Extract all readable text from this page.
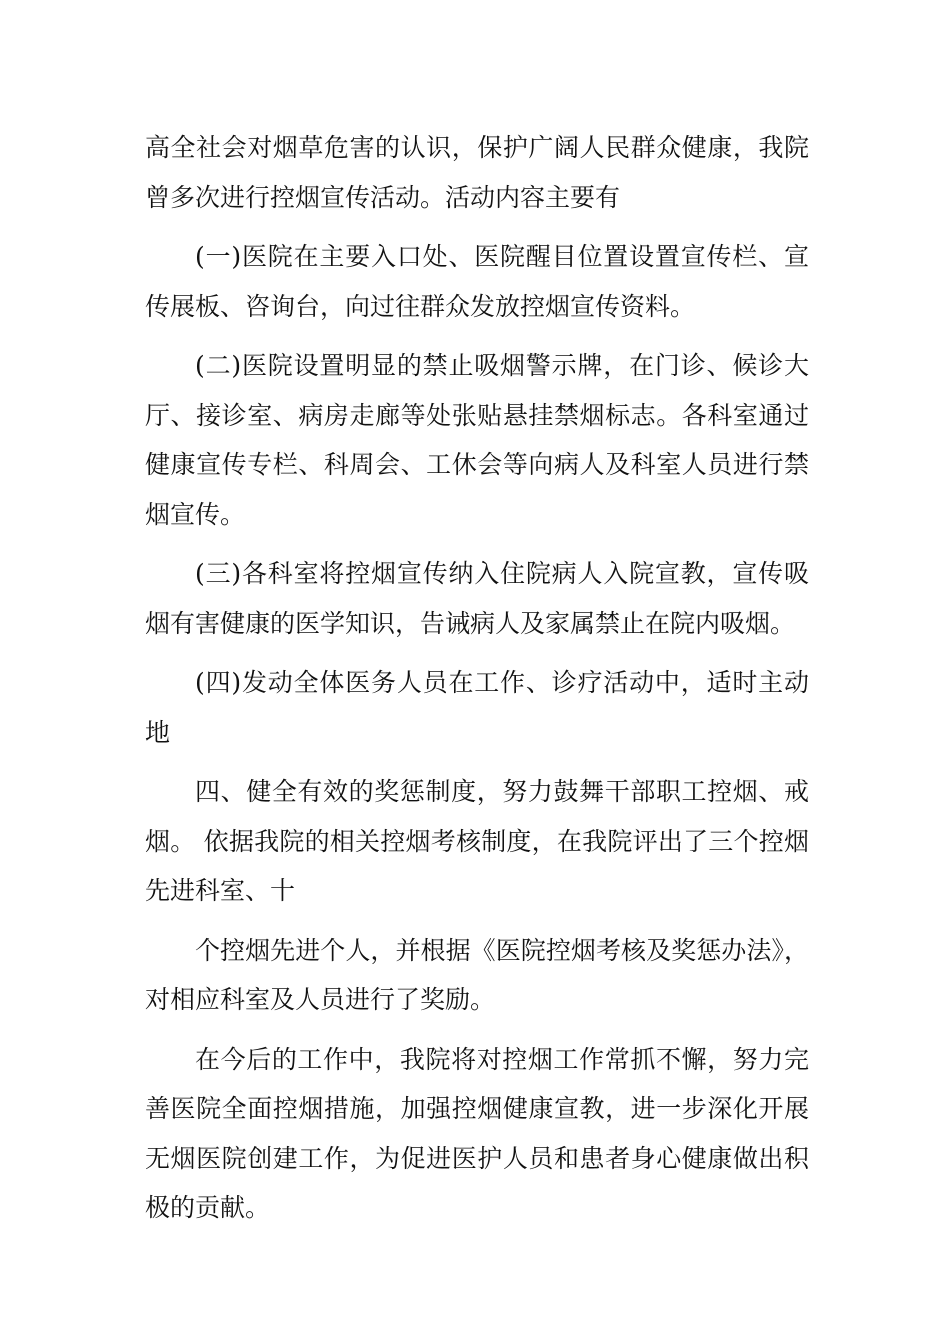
高全社会对烟草危害的认识，保护广阔人民群众健康，我院曾多次进行控烟宣传活动。活动内容主要有

(一)医院在主要入口处、医院醒目位置设置宣传栏、宣传展板、咨询台，向过往群众发放控烟宣传资料。

(二)医院设置明显的禁止吸烟警示牌，在门诊、候诊大厅、接诊室、病房走廊等处张贴悬挂禁烟标志。各科室通过健康宣传专栏、科周会、工休会等向病人及科室人员进行禁烟宣传。

(三)各科室将控烟宣传纳入住院病人入院宣教，宣传吸烟有害健康的医学知识，告诫病人及家属禁止在院内吸烟。

(四)发动全体医务人员在工作、诊疗活动中，适时主动地

四、健全有效的奖惩制度，努力鼓舞干部职工控烟、戒烟。 依据我院的相关控烟考核制度，在我院评出了三个控烟先进科室、十

个控烟先进个人，并根据《医院控烟考核及奖惩办法》，对相应科室及人员进行了奖励。

在今后的工作中，我院将对控烟工作常抓不懈，努力完善医院全面控烟措施，加强控烟健康宣教，进一步深化开展无烟医院创建工作，为促进医护人员和患者身心健康做出积极的贡献。
